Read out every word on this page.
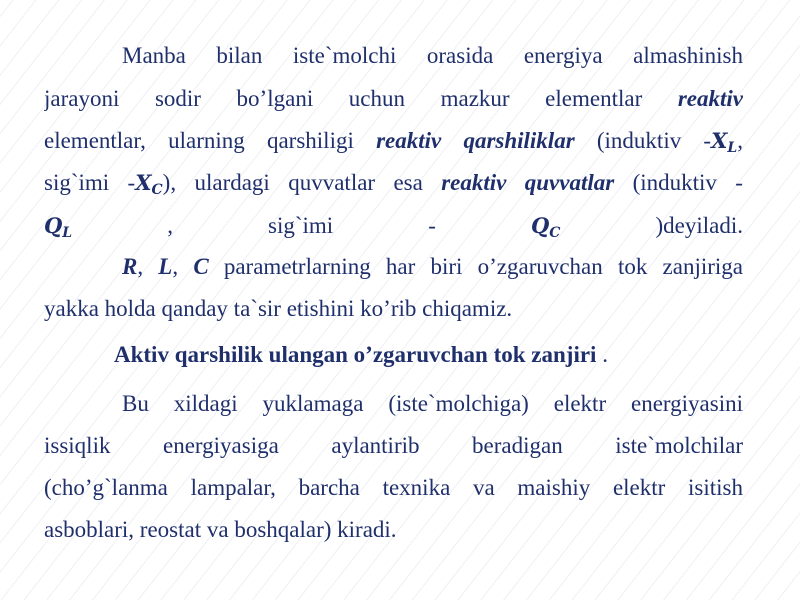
Manba bilan iste`molchi orasida energiya almashinish
jarayoni sodir bo’lgani uchun mazkur elementlar reaktiv
elementlar, ularning qarshiligi reaktiv qarshiliklar (induktiv $-X_L$,
sig`imi $-X_C$), ulardagi quvvatlar esa reaktiv quvvatlar (induktiv -
$Q_L$	,	sig`imi	-	$Q_C$	)deyiladi.
R, L, C parametrlarning har biri o’zgaruvchan tok zanjiriga
yakka holda qanday ta`sir etishini ko’rib chiqamiz.
Aktiv qarshilik ulangan o’zgaruvchan tok zanjiri .
Bu xildagi yuklamaga (iste`molchiga) elektr energiyasini
issiqlik energiyasiga aylantirib beradigan iste`molchilar
(cho’g`lanma lampalar, barcha texnika va maishiy elektr isitish
asboblari, reostat va boshqalar) kiradi.
